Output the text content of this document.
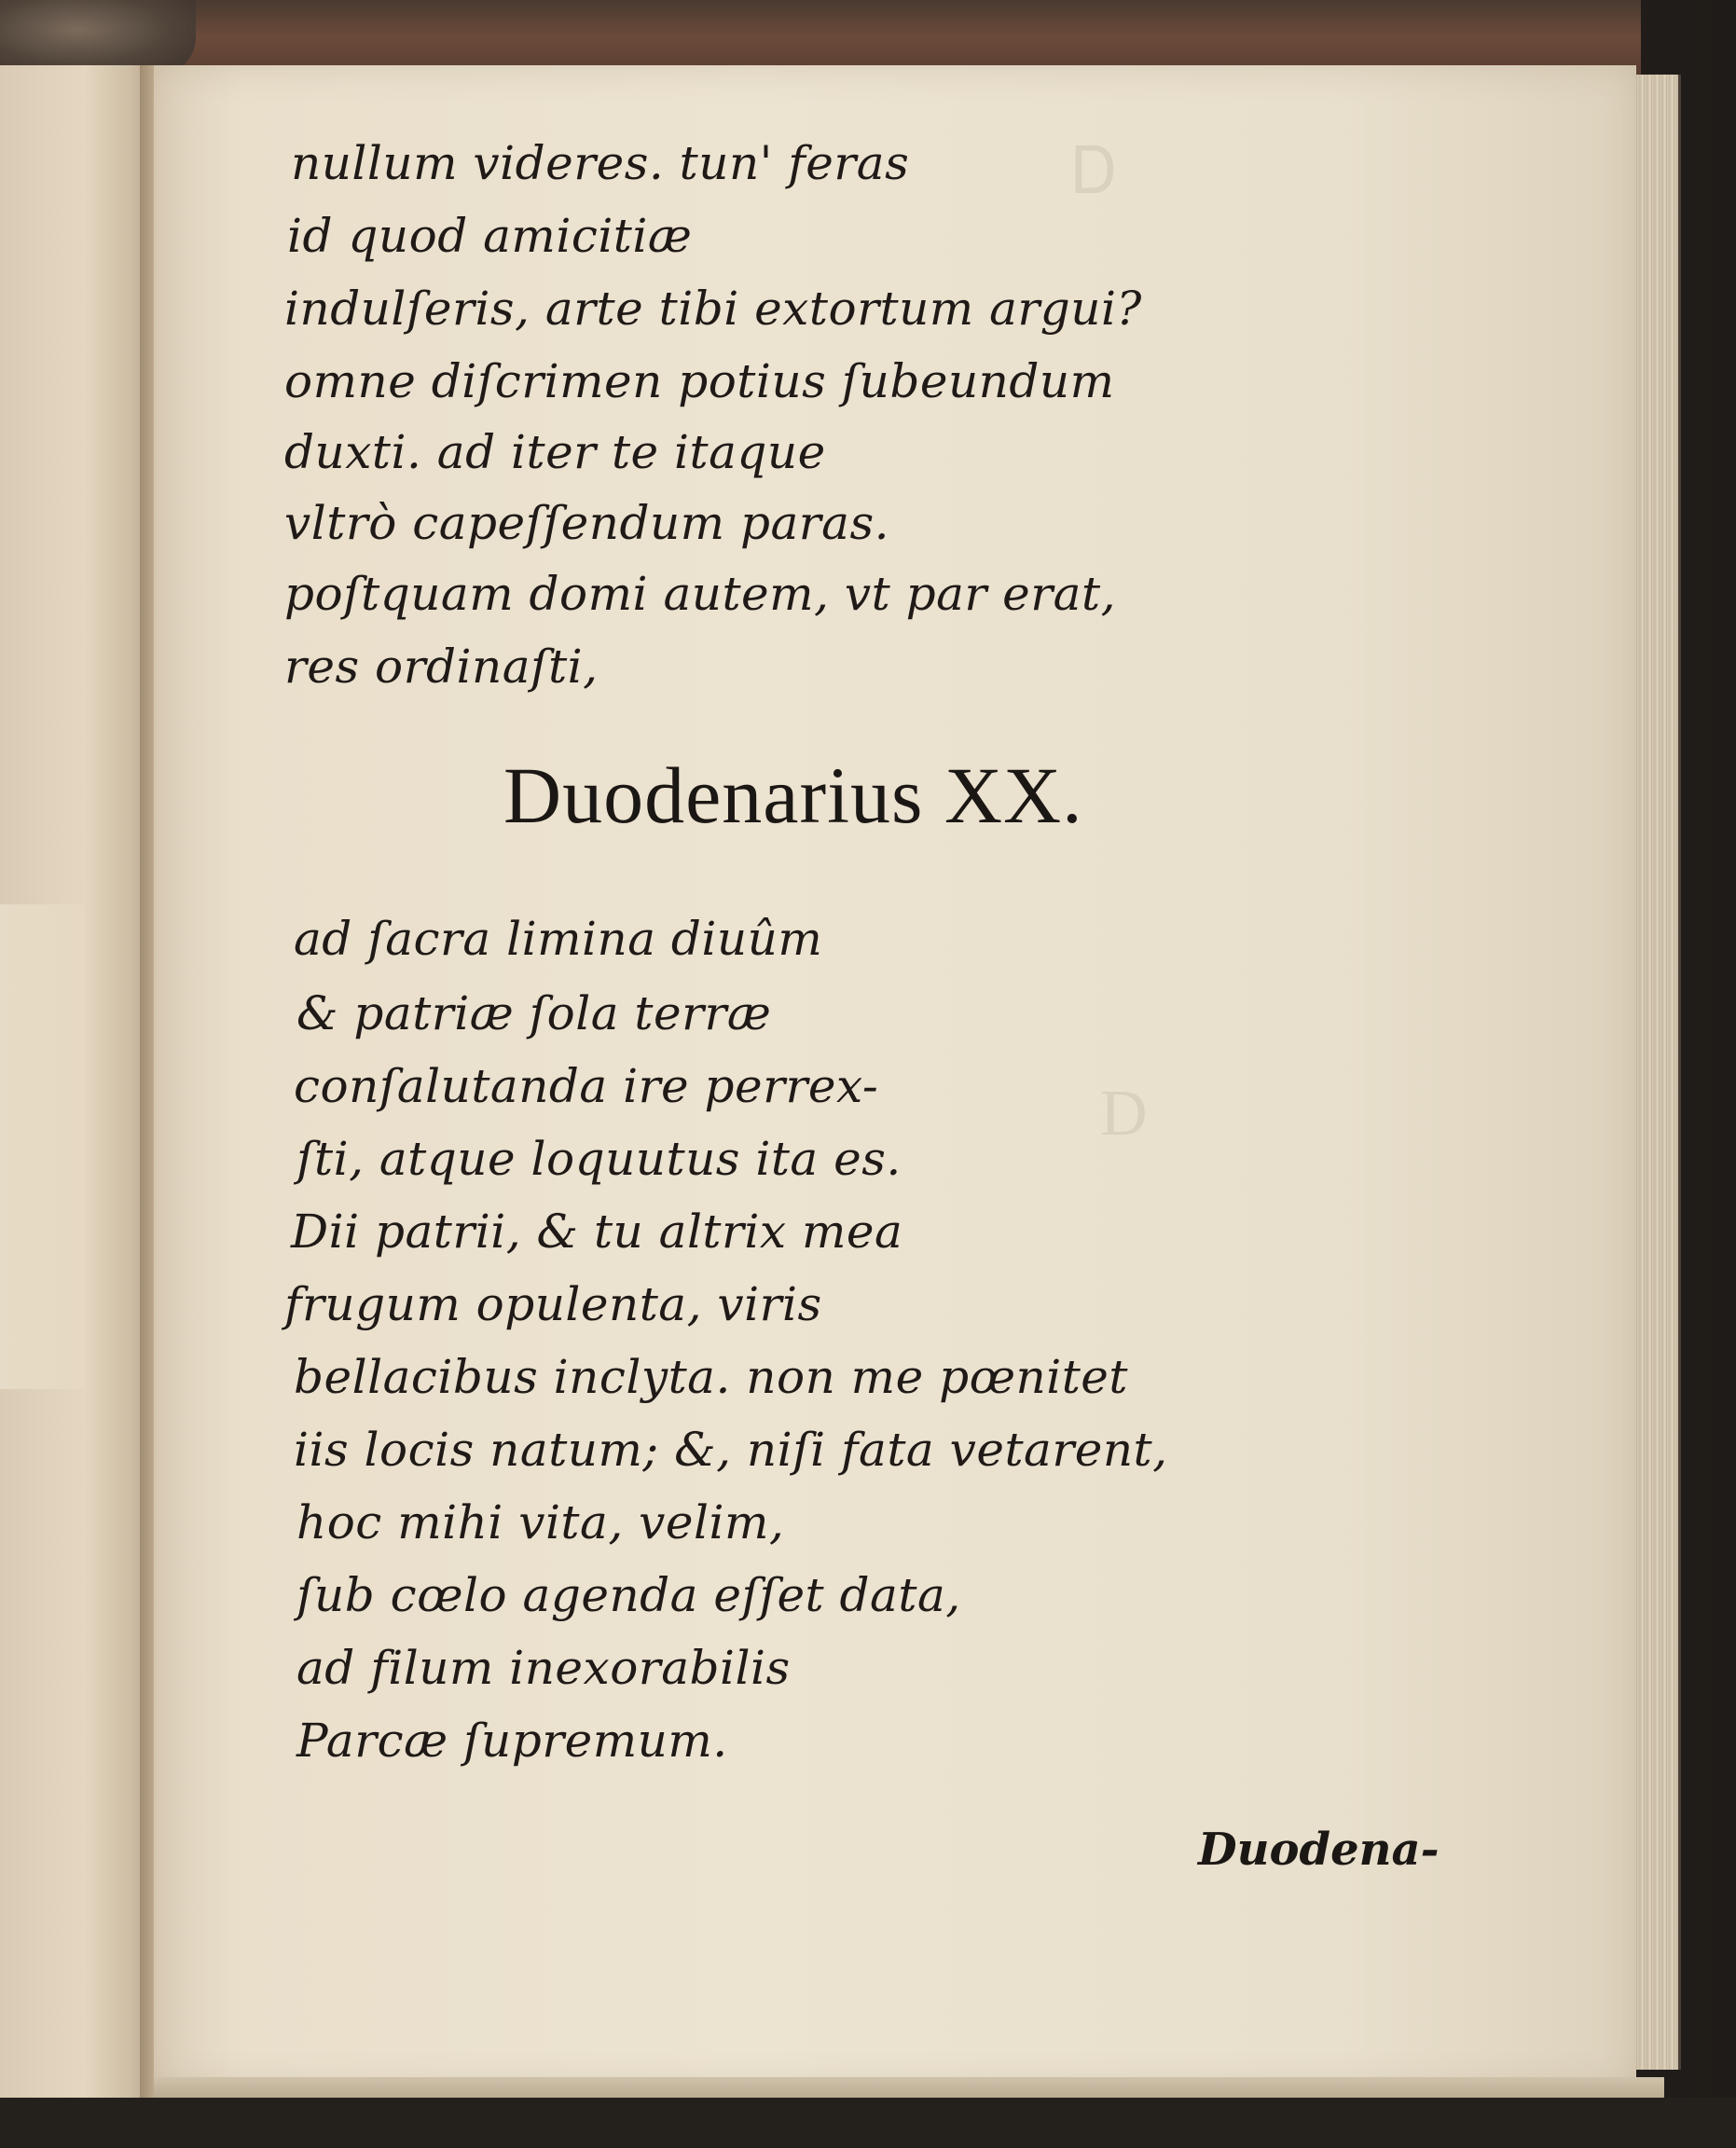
Ꭰ
D
nullum videres. tun' feras
id quod amicitiæ
indulſeris, arte tibi extortum argui?
omne diſcrimen potius ſubeundum
duxti. ad iter te itaque
vltrò capeſſendum paras.
poſtquam domi autem, vt par erat,
res ordinaſti,
Duodenarius XX.
ad ſacra limina diuûm
& patriæ ſola terræ
conſalutanda ire perrex-
ſti, atque loquutus ita es.
Dii patrii, & tu altrix mea
frugum opulenta, viris
bellacibus inclyta. non me pœnitet
iis locis natum; &, niſi fata vetarent,
hoc mihi vita, velim,
ſub cœlo agenda eſſet data,
ad filum inexorabilis
Parcæ ſupremum.
Duodena-
